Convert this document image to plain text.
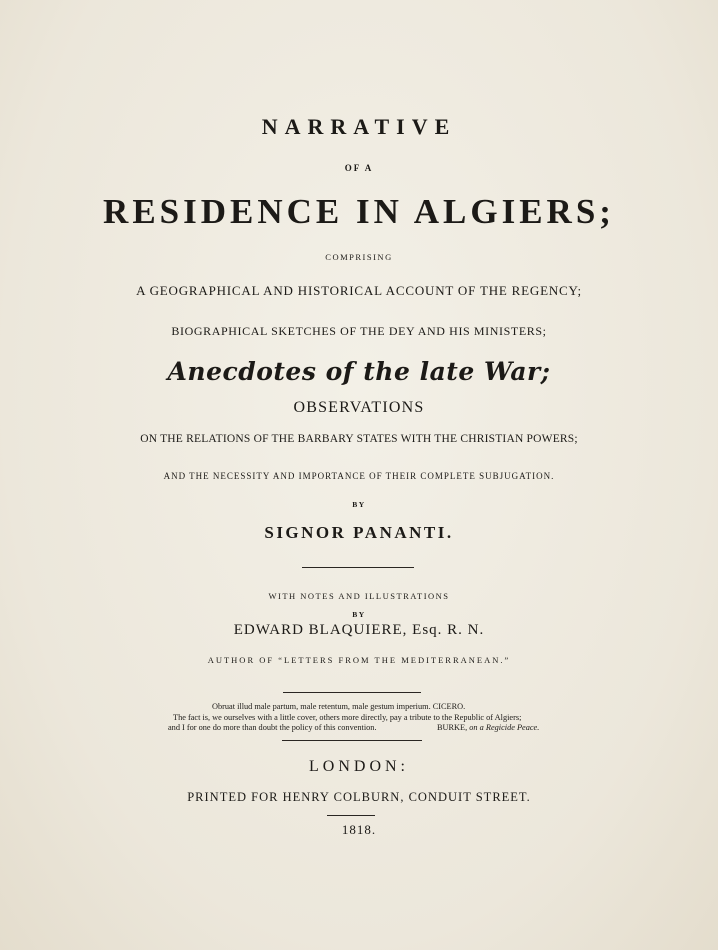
NARRATIVE
OF A
RESIDENCE IN ALGIERS;
COMPRISING
A GEOGRAPHICAL AND HISTORICAL ACCOUNT OF THE REGENCY;
BIOGRAPHICAL SKETCHES OF THE DEY AND HIS MINISTERS;
Anecdotes of the late War;
OBSERVATIONS
ON THE RELATIONS OF THE BARBARY STATES WITH THE CHRISTIAN POWERS;
AND THE NECESSITY AND IMPORTANCE OF THEIR COMPLETE SUBJUGATION.
BY
SIGNOR PANANTI.
WITH NOTES AND ILLUSTRATIONS
BY
EDWARD BLAQUIERE, Esq. R. N.
AUTHOR OF “LETTERS FROM THE MEDITERRANEAN.”
Obruat illud male partum, male retentum, male gestum imperium. CICERO.
The fact is, we ourselves with a little cover, others more directly, pay a tribute to the Republic of Algiers;
and I for one do more than doubt the policy of this convention.	BURKE, on a Regicide Peace.
LONDON:
PRINTED FOR HENRY COLBURN, CONDUIT STREET.
1818.
